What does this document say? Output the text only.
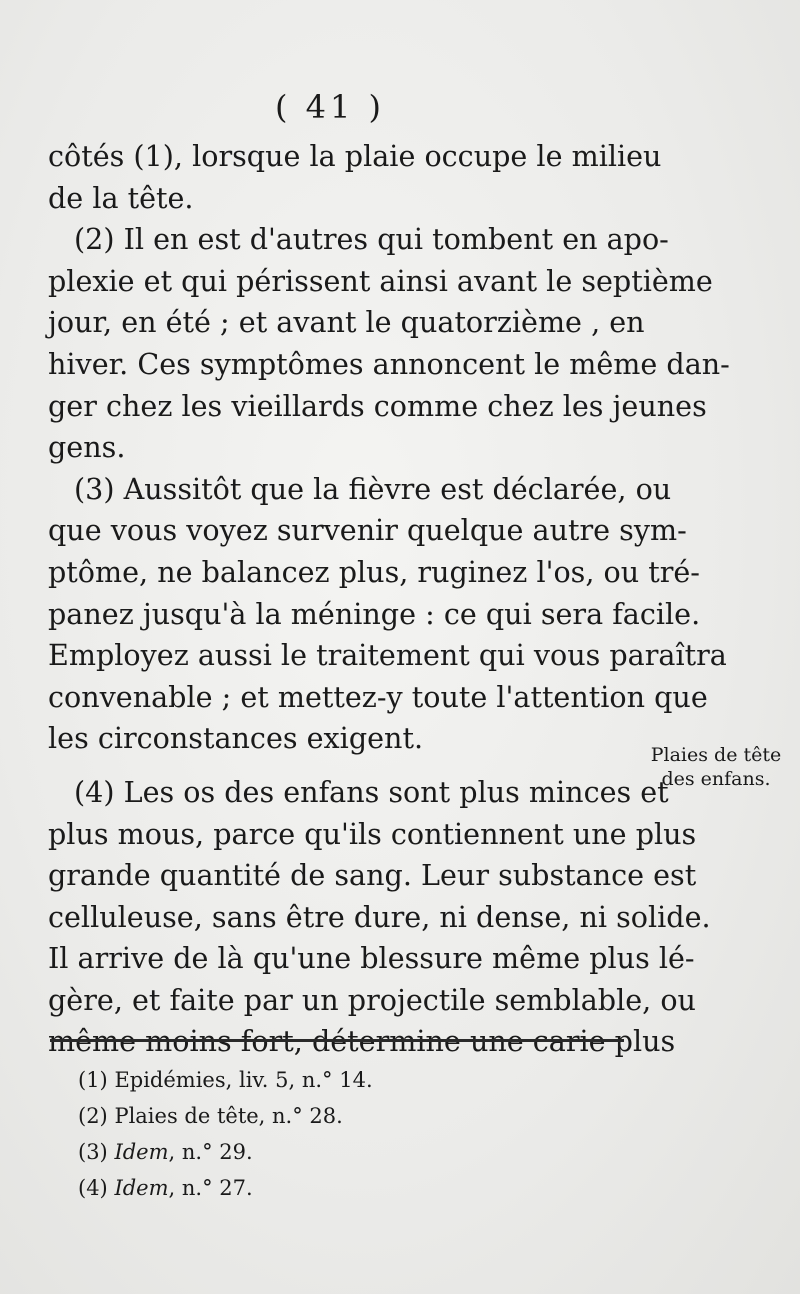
( 41 )
côtés (1), lorsque la plaie occupe le milieu
de la tête.
(2) Il en est d'autres qui tombent en apo-
plexie et qui périssent ainsi avant le septième
jour, en été ; et avant le quatorzième , en
hiver. Ces symptômes annoncent le même dan-
ger chez les vieillards comme chez les jeunes
gens.
(3) Aussitôt que la fièvre est déclarée, ou
que vous voyez survenir quelque autre sym-
ptôme, ne balancez plus, ruginez l'os, ou tré-
panez jusqu'à la méninge : ce qui sera facile.
Employez aussi le traitement qui vous paraîtra
convenable ; et mettez-y toute l'attention que
les circonstances exigent.
(4) Les os des enfans sont plus minces et
plus mous, parce qu'ils contiennent une plus
grande quantité de sang. Leur substance est
celluleuse, sans être dure, ni dense, ni solide.
Il arrive de là qu'une blessure même plus lé-
gère, et faite par un projectile semblable, ou
même moins fort, détermine une carie plus
Plaies de tête
des enfans.
(1) Epidémies, liv. 5, n.° 14.
(2) Plaies de tête, n.° 28.
(3) Idem, n.° 29.
(4) Idem, n.° 27.
